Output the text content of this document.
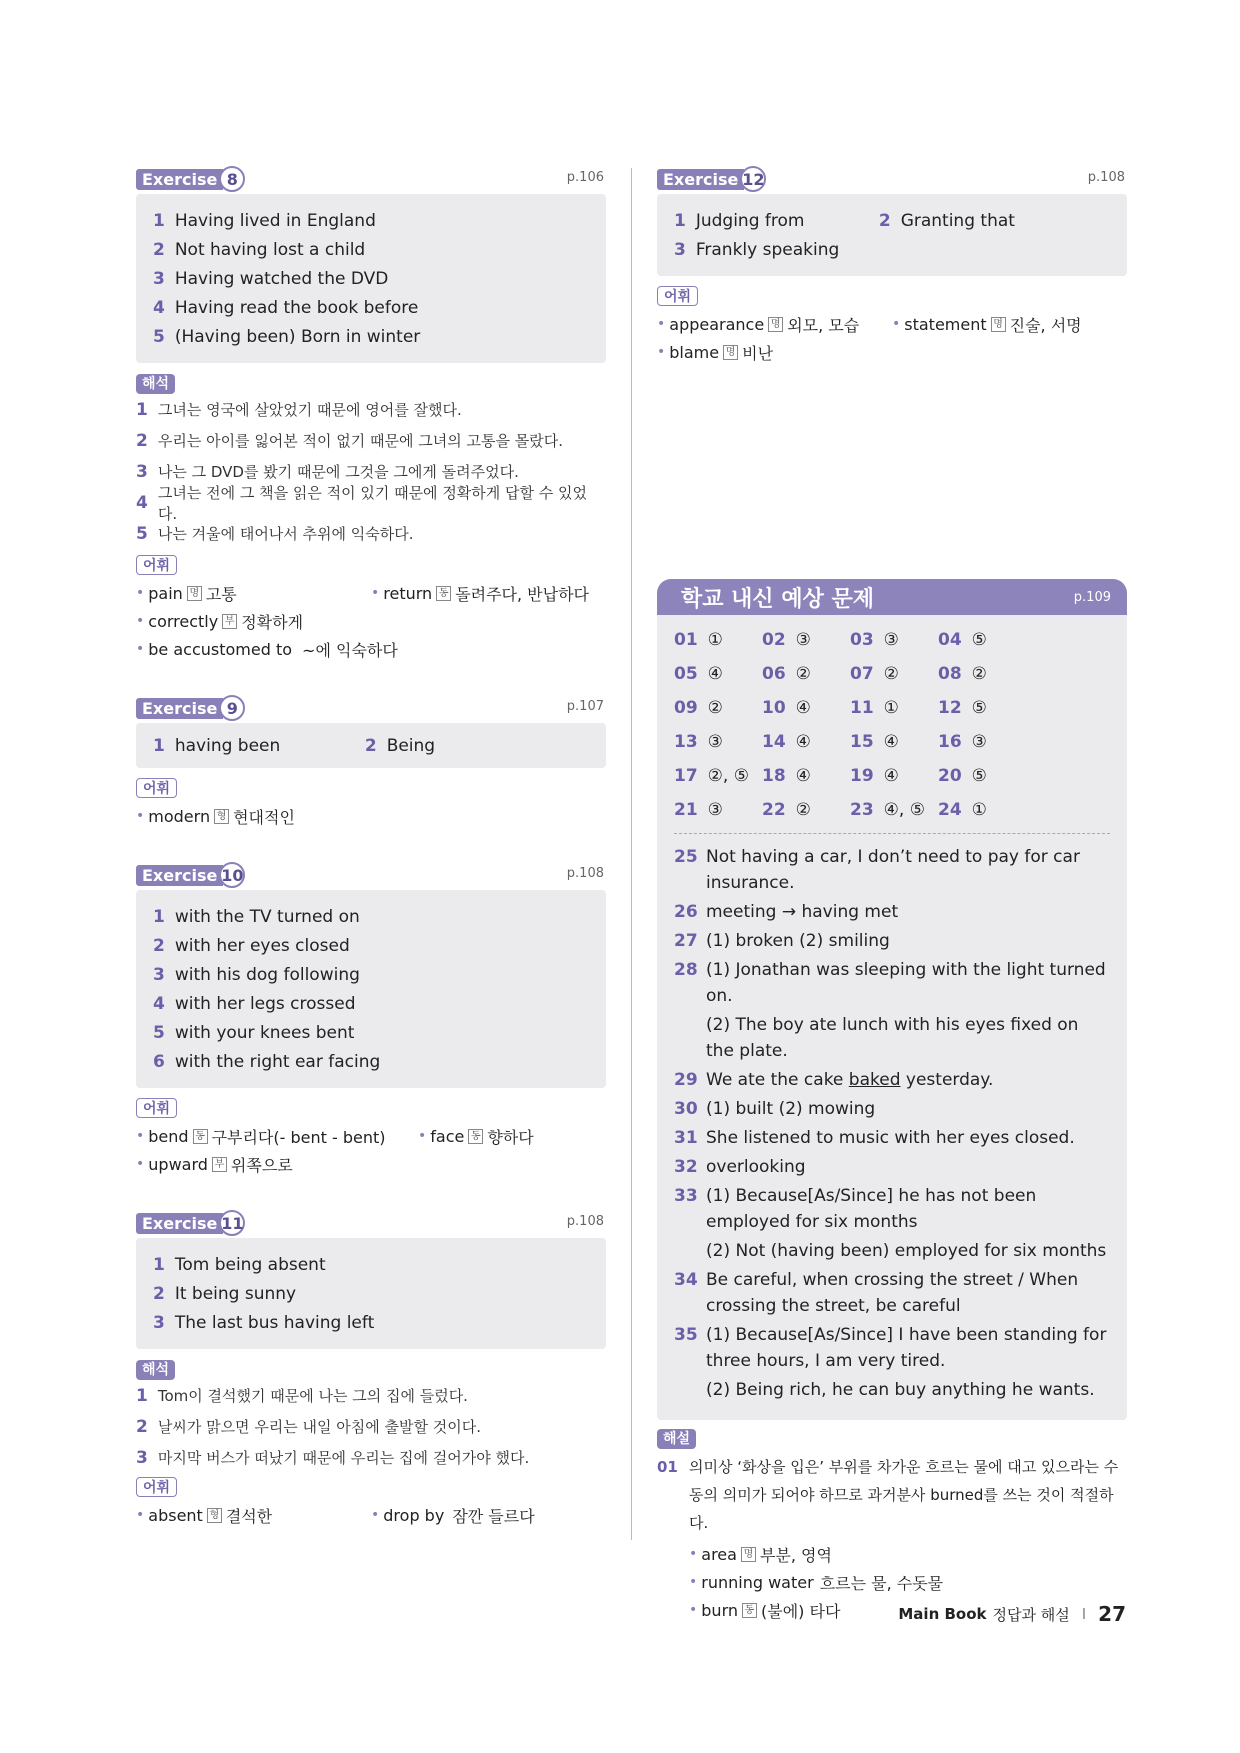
Exercise 8	p.106
1 Having lived in England
2 Not having lost a child
3 Having watched the DVD
4 Having read the book before
5 (Having been) Born in winter
해석
1 그녀는 영국에 살았었기 때문에 영어를 잘했다.
2 우리는 아이를 잃어본 적이 없기 때문에 그녀의 고통을 몰랐다.
3 나는 그 DVD를 봤기 때문에 그것을 그에게 돌려주었다.
4 그녀는 전에 그 책을 읽은 적이 있기 때문에 정확하게 답할 수 있었다.
5 나는 겨울에 태어나서 추위에 익숙하다.
어휘
• pain 명 고통	• return 동 돌려주다, 반납하다
• correctly 부 정확하게
• be accustomed to ~에 익숙하다
Exercise 9	p.107
1 having been	2 Being
어휘
• modern 형 현대적인
Exercise 10	p.108
1 with the TV turned on
2 with her eyes closed
3 with his dog following
4 with her legs crossed
5 with your knees bent
6 with the right ear facing
어휘
• bend 동 구부리다(- bent - bent) • face 동 향하다
• upward 부 위쪽으로
Exercise 11	p.108
1 Tom being absent
2 It being sunny
3 The last bus having left
해석
1 Tom이 결석했기 때문에 나는 그의 집에 들렀다.
2 날씨가 맑으면 우리는 내일 아침에 출발할 것이다.
3 마지막 버스가 떠났기 때문에 우리는 집에 걸어가야 했다.
어휘
• absent 형 결석한	• drop by 잠깐 들르다
Exercise 12	p.108
1 Judging from	2 Granting that
3 Frankly speaking
어휘
• appearance 명 외모, 모습 • statement 명 진술, 서명
• blame 명 비난
학교 내신 예상 문제	p.109
01 ① 02 ③ 03 ③ 04 ⑤
05 ④ 06 ② 07 ② 08 ②
09 ② 10 ④ 11 ① 12 ⑤
13 ③ 14 ④ 15 ④ 16 ③
17 ②, ⑤ 18 ④ 19 ④ 20 ⑤
21 ③ 22 ② 23 ④, ⑤ 24 ①
25 Not having a car, I don’t need to pay for car insurance.
26 meeting → having met
27 (1) broken (2) smiling
28 (1) Jonathan was sleeping with the light turned on.
(2) The boy ate lunch with his eyes fixed on the plate.
29 We ate the cake baked yesterday.
30 (1) built (2) mowing
31 She listened to music with her eyes closed.
32 overlooking
33 (1) Because[As/Since] he has not been employed for six months
(2) Not (having been) employed for six months
34 Be careful, when crossing the street / When crossing the street, be careful
35 (1) Because[As/Since] I have been standing for three hours, I am very tired.
(2) Being rich, he can buy anything he wants.
해설
01 의미상 ‘화상을 입은’ 부위를 차가운 흐르는 물에 대고 있으라는 수동의 의미가 되어야 하므로 과거분사 burned를 쓰는 것이 적절하다.
• area 명 부분, 영역
• running water 흐르는 물, 수돗물
• burn 동 (불에) 타다	Main Book 정답과 해설 I 27
